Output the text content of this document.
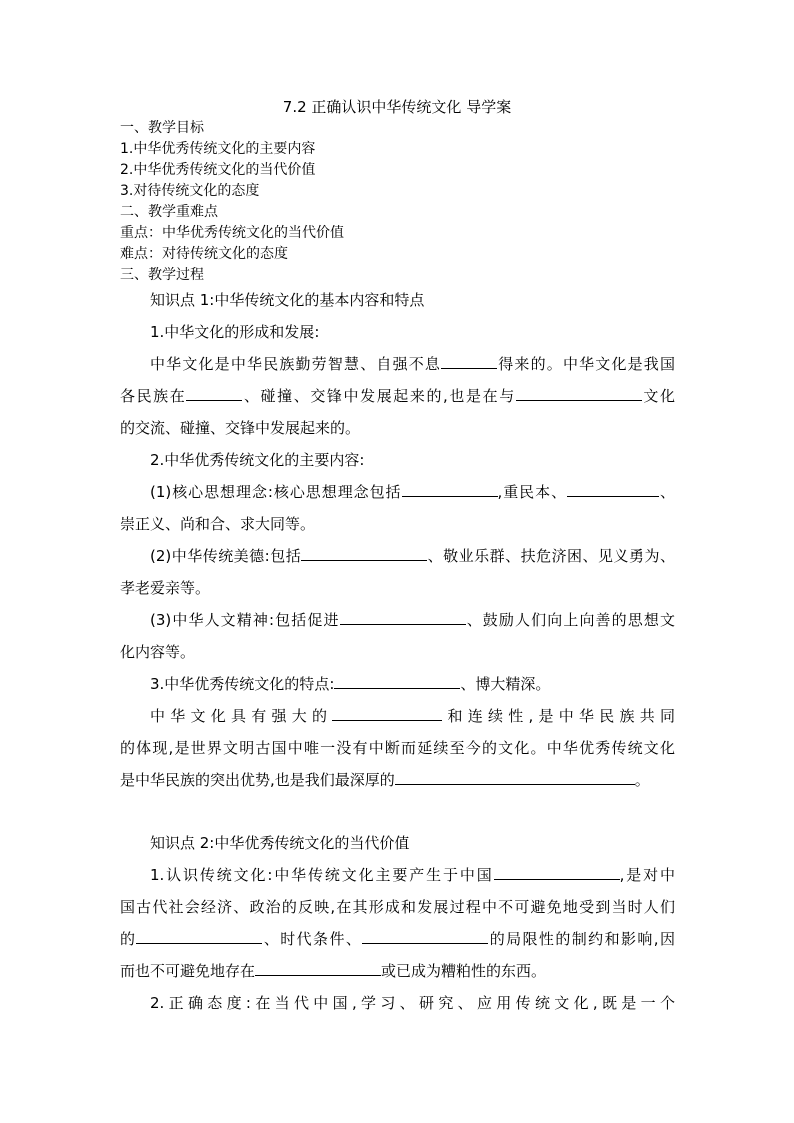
7.2 正确认识中华传统文化 导学案
一、教学目标
1.中华优秀传统文化的主要内容
2.中华优秀传统文化的当代价值
3.对待传统文化的态度
二、教学重难点
重点：中华优秀传统文化的当代价值
难点：对待传统文化的态度
三、教学过程

知识点 1:中华传统文化的基本内容和特点

1.中华文化的形成和发展:

中华文化是中华民族勤劳智慧、自强不息	得来的。中华文化是我国

各民族在	、碰撞、交锋中发展起来的,也是在与	文化

的交流、碰撞、交锋中发展起来的。

2.中华优秀传统文化的主要内容:

(1)核心思想理念:核心思想理念包括	,重民本、	、

崇正义、尚和合、求大同等。

(2)中华传统美德:包括	、敬业乐群、扶危济困、见义勇为、

孝老爱亲等。

(3)中华人文精神:包括促进	、鼓励人们向上向善的思想文

化内容等。

3.中华优秀传统文化的特点:	、博大精深。

中华文化具有强大的	和连续性,是中华民族共同

的体现,是世界文明古国中唯一没有中断而延续至今的文化。中华优秀传统文化

是中华民族的突出优势,也是我们最深厚的	。

知识点 2:中华优秀传统文化的当代价值

1.认识传统文化:中华传统文化主要产生于中国	,是对中

国古代社会经济、政治的反映,在其形成和发展过程中不可避免地受到当时人们

的	、时代条件、	的局限性的制约和影响,因

而也不可避免地存在	或已成为糟粕性的东西。

2.正确态度:在当代中国,学习、研究、应用传统文化,既是一个
